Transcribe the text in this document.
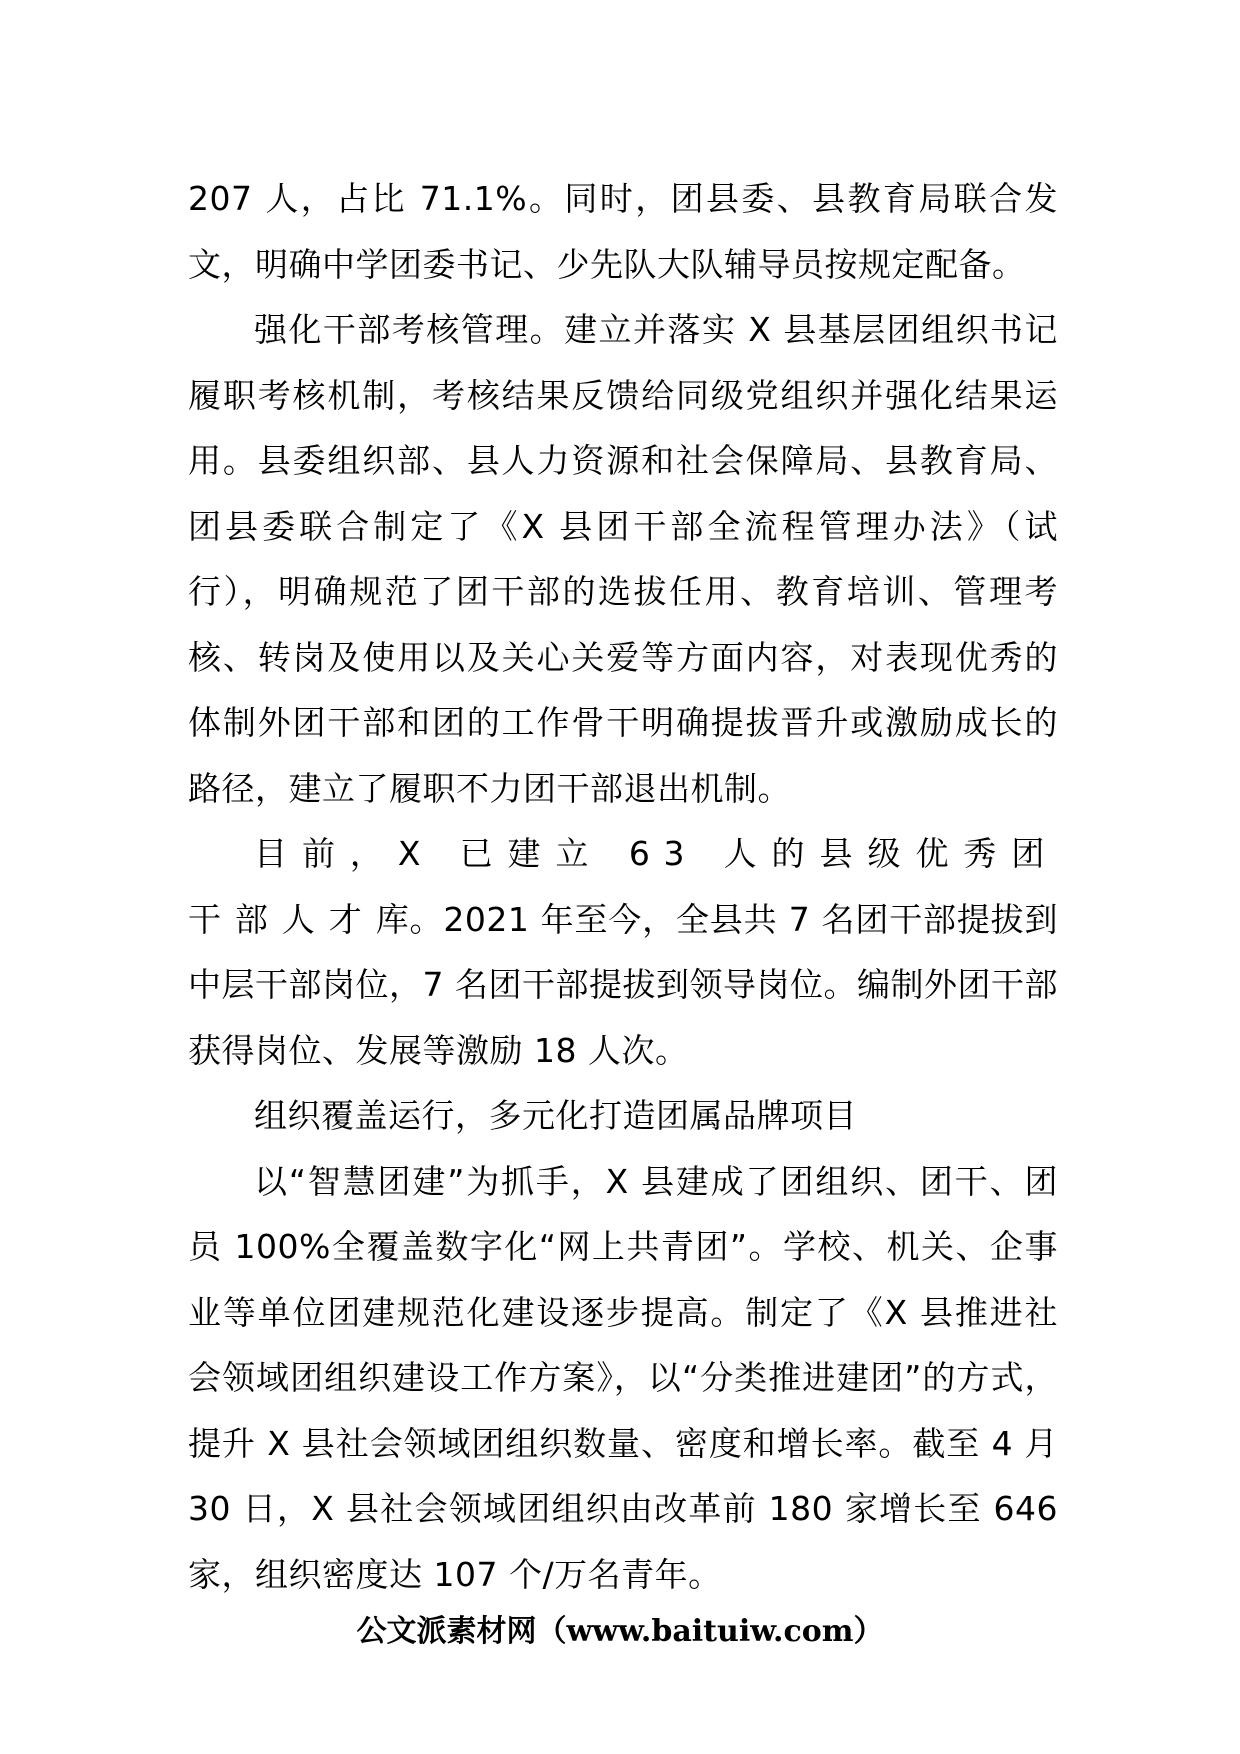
207 人，占比 71.1%。同时，团县委、县教育局联合发文，明确中学团委书记、少先队大队辅导员按规定配备。

强化干部考核管理。建立并落实 X 县基层团组织书记履职考核机制，考核结果反馈给同级党组织并强化结果运用。县委组织部、县人力资源和社会保障局、县教育局、团县委联合制定了《X 县团干部全流程管理办法》（试行），明确规范了团干部的选拔任用、教育培训、管理考核、转岗及使用以及关心关爱等方面内容，对表现优秀的体制外团干部和团的工作骨干明确提拔晋升或激励成长的路径，建立了履职不力团干部退出机制。

目前，X 已建立 63 人的县级优秀团干部人才库。2021 年至今，全县共 7 名团干部提拔到中层干部岗位，7 名团干部提拔到领导岗位。编制外团干部获得岗位、发展等激励 18 人次。

组织覆盖运行，多元化打造团属品牌项目

以“智慧团建”为抓手，X 县建成了团组织、团干、团员 100%全覆盖数字化“网上共青团”。学校、机关、企事业等单位团建规范化建设逐步提高。制定了《X 县推进社会领域团组织建设工作方案》，以“分类推进建团”的方式，提升 X 县社会领域团组织数量、密度和增长率。截至 4 月 30 日，X 县社会领域团组织由改革前 180 家增长至 646 家，组织密度达 107 个/万名青年。

公文派素材网（www.baituiw.com）
